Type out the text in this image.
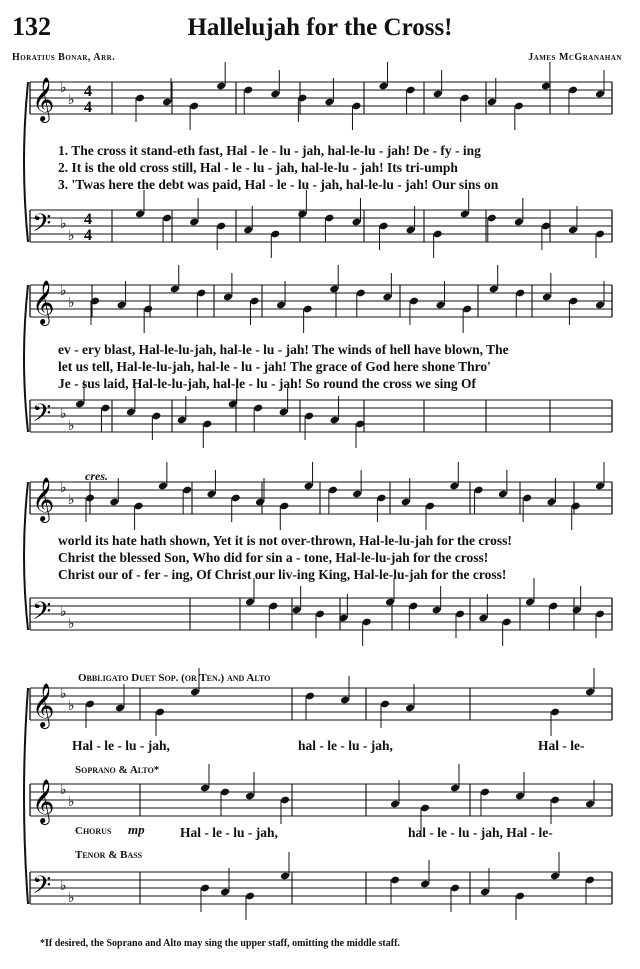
132	Hallelujah for the Cross!
Horatius Bonar, Arr.	James McGranahan
𝄞 ♭
♭ 4
4
𝄢 ♭
♭
4
4
𝄞 ♭
♭
𝄢 ♭
♭
𝄞 ♭
♭
𝄢 ♭
♭
𝄞 ♭
♭
𝄞 ♭
♭
𝄢 ♭
♭
1. The cross it stand-eth fast, Hal - le - lu - jah, hal-le-lu - jah! De - fy - ing
2. It is the old cross still, Hal - le - lu - jah, hal-le-lu - jah! Its tri-umph
3. 'Twas here the debt was paid, Hal - le - lu - jah, hal-le-lu - jah! Our sins on
ev - ery blast, Hal-le-lu-jah, hal-le - lu - jah! The winds of hell have blown, The
let us tell, Hal-le-lu-jah, hal-le - lu - jah! The grace of God here shone Thro'
Je - sus laid, Hal-le-lu-jah, hal-le - lu - jah! So round the cross we sing Of
cres.
world its hate hath shown, Yet it is not over-thrown, Hal-le-lu-jah for the cross!
Christ the blessed Son, Who did for sin a - tone, Hal-le-lu-jah for the cross!
Christ our of - fer - ing, Of Christ our liv-ing King, Hal-le-lu-jah for the cross!
Obbligato Duet Sop. (or Ten.) and Alto
Hal - le - lu - jah,	hal - le - lu - jah,	Hal - le-
Soprano & Alto*
Chorus mp	Hal - le - lu - jah,	hal - le - lu - jah, Hal - le-
Tenor & Bass
*If desired, the Soprano and Alto may sing the upper staff, omitting the middle staff.
